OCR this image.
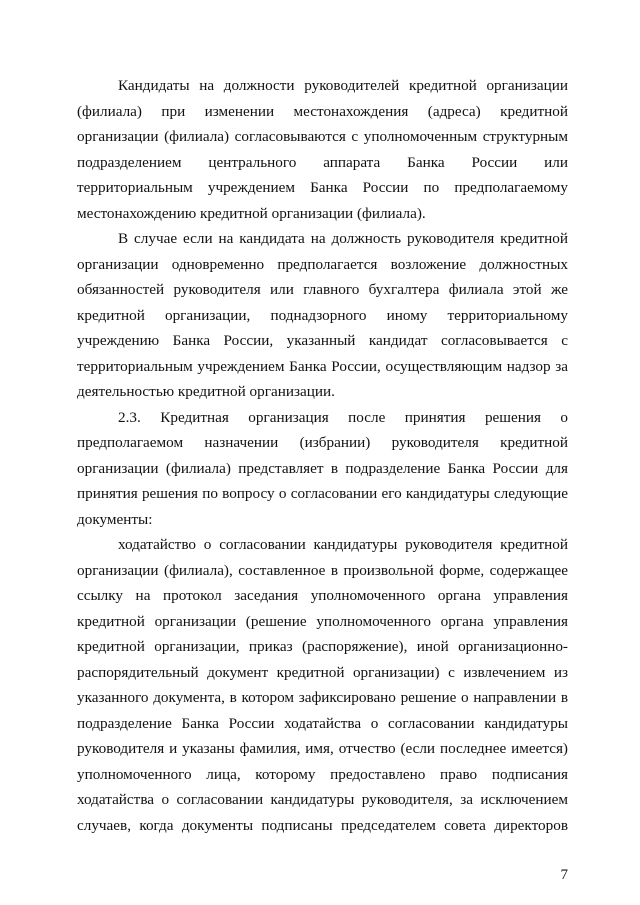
Кандидаты на должности руководителей кредитной организации
(филиала) при изменении местонахождения (адреса) кредитной
организации (филиала) согласовываются с уполномоченным структурным
подразделением центрального аппарата Банка России или
территориальным учреждением Банка России по предполагаемому
местонахождению кредитной организации (филиала).
В случае если на кандидата на должность руководителя кредитной
организации одновременно предполагается возложение должностных
обязанностей руководителя или главного бухгалтера филиала этой же
кредитной организации, поднадзорного иному территориальному
учреждению Банка России, указанный кандидат согласовывается с
территориальным учреждением Банка России, осуществляющим надзор за
деятельностью кредитной организации.
2.3. Кредитная организация после принятия решения о
предполагаемом назначении (избрании) руководителя кредитной
организации (филиала) представляет в подразделение Банка России для
принятия решения по вопросу о согласовании его кандидатуры следующие
документы:
ходатайство о согласовании кандидатуры руководителя кредитной
организации (филиала), составленное в произвольной форме, содержащее
ссылку на протокол заседания уполномоченного органа управления
кредитной организации (решение уполномоченного органа управления
кредитной организации, приказ (распоряжение), иной организационно-
распорядительный документ кредитной организации) с извлечением из
указанного документа, в котором зафиксировано решение о направлении в
подразделение Банка России ходатайства о согласовании кандидатуры
руководителя и указаны фамилия, имя, отчество (если последнее имеется)
уполномоченного лица, которому предоставлено право подписания
ходатайства о согласовании кандидатуры руководителя, за исключением
случаев, когда документы подписаны председателем совета директоров
7
